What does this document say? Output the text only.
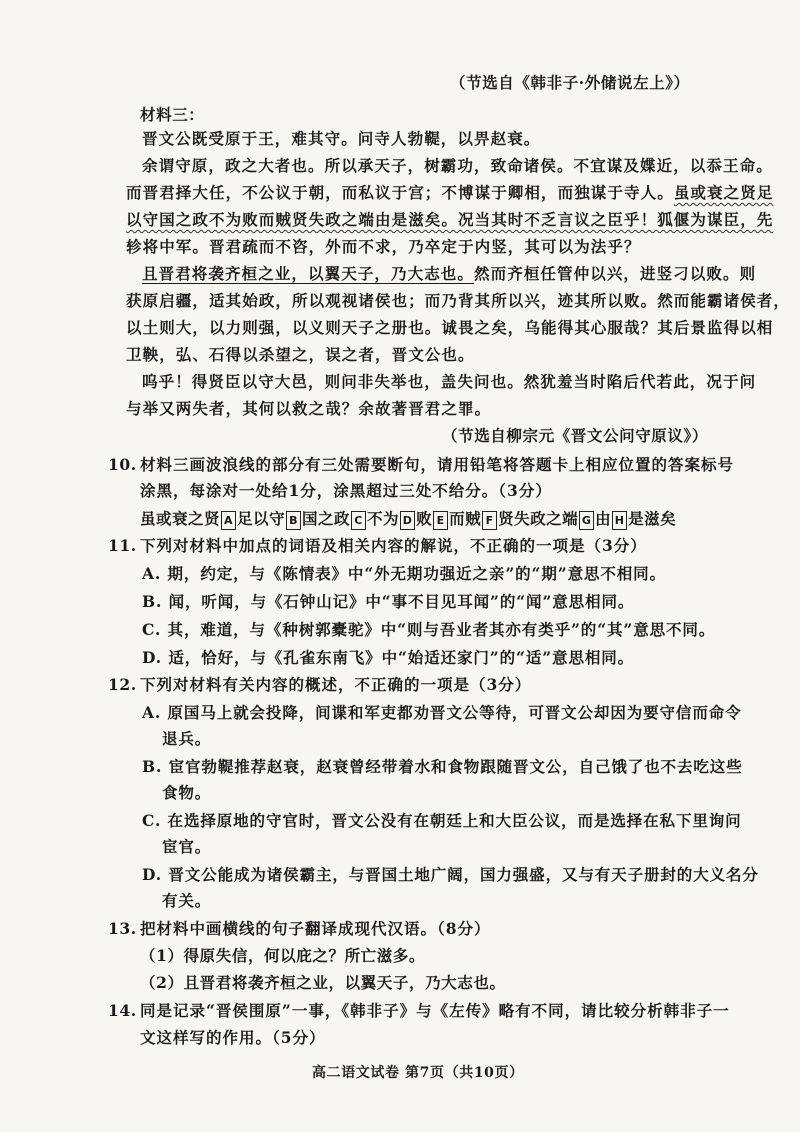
（节选自《韩非子·外储说左上》）
材料三：
晋文公既受原于王，难其守。问寺人勃鞮，以畀赵衰。
余谓守原，政之大者也。所以承天子，树霸功，致命诸侯。不宜谋及媟近，以忝王命。
而晋君择大任，不公议于朝，而私议于宫；不博谋于卿相，而独谋于寺人。虽或衰之贤足
以守国之政不为败而贼贤失政之端由是滋矣。况当其时不乏言议之臣乎！狐偃为谋臣，先
轸将中军。晋君疏而不咨，外而不求，乃卒定于内竖，其可以为法乎？
且晋君将袭齐桓之业，以翼天子，乃大志也。然而齐桓任管仲以兴，进竖刁以败。则
获原启疆，适其始政，所以观视诸侯也；而乃背其所以兴，迹其所以败。然而能霸诸侯者，
以土则大，以力则强，以义则天子之册也。诚畏之矣，乌能得其心服哉？其后景监得以相
卫鞅，弘、石得以杀望之，误之者，晋文公也。
呜乎！得贤臣以守大邑，则问非失举也，盖失问也。然犹羞当时陷后代若此，况于问
与举又两失者，其何以救之哉？余故著晋君之罪。
（节选自柳宗元《晋文公问守原议》）
10. 材料三画波浪线的部分有三处需要断句，请用铅笔将答题卡上相应位置的答案标号
涂黑，每涂对一处给1分，涂黑超过三处不给分。（3分）
虽或衰之贤 A 足以守 B 国之政 C 不为 D 败 E 而贼 F 贤失政之端 G 由 H 是滋矣
11. 下列对材料中加点的词语及相关内容的解说，不正确的一项是（3分）
A. 期，约定，与《陈情表》中“外无期功强近之亲”的“期”意思不相同。
B. 闻，听闻，与《石钟山记》中“事不目见耳闻”的“闻”意思相同。
C. 其，难道，与《种树郭橐驼》中“则与吾业者其亦有类乎”的“其”意思不同。
D. 适，恰好，与《孔雀东南飞》中“始适还家门”的“适”意思相同。
12. 下列对材料有关内容的概述，不正确的一项是（3分）
A. 原国马上就会投降，间谍和军吏都劝晋文公等待，可晋文公却因为要守信而命令
退兵。
B. 宦官勃鞮推荐赵衰，赵衰曾经带着水和食物跟随晋文公，自己饿了也不去吃这些
食物。
C. 在选择原地的守官时，晋文公没有在朝廷上和大臣公议，而是选择在私下里询问
宦官。
D. 晋文公能成为诸侯霸主，与晋国土地广阔，国力强盛，又与有天子册封的大义名分
有关。
13. 把材料中画横线的句子翻译成现代汉语。（8分）
（1）得原失信，何以庇之？所亡滋多。
（2）且晋君将袭齐桓之业，以翼天子，乃大志也。
14. 同是记录“晋侯围原”一事，《韩非子》与《左传》略有不同，请比较分析韩非子一
文这样写的作用。（5分）
高二语文试卷 第7页（共10页）
